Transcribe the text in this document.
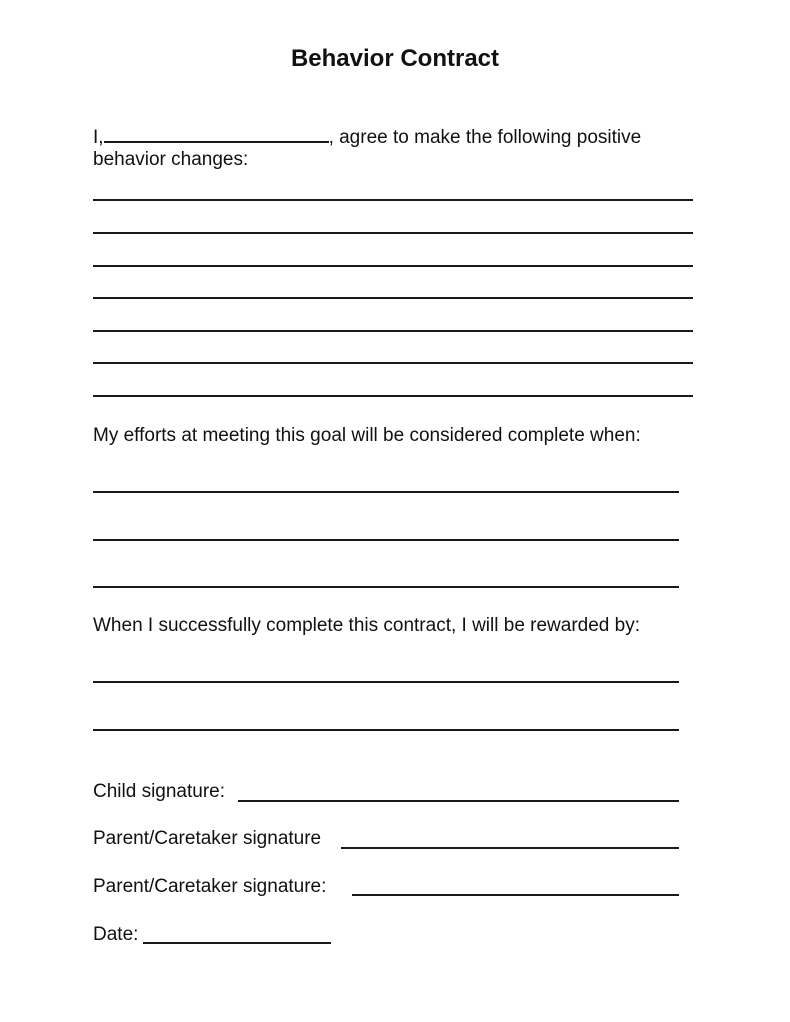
Behavior Contract
I,	, agree to make the following positive
behavior changes:
My efforts at meeting this goal will be considered complete when:
When I successfully complete this contract, I will be rewarded by:
Child signature:
Parent/Caretaker signature
Parent/Caretaker signature:
Date:
